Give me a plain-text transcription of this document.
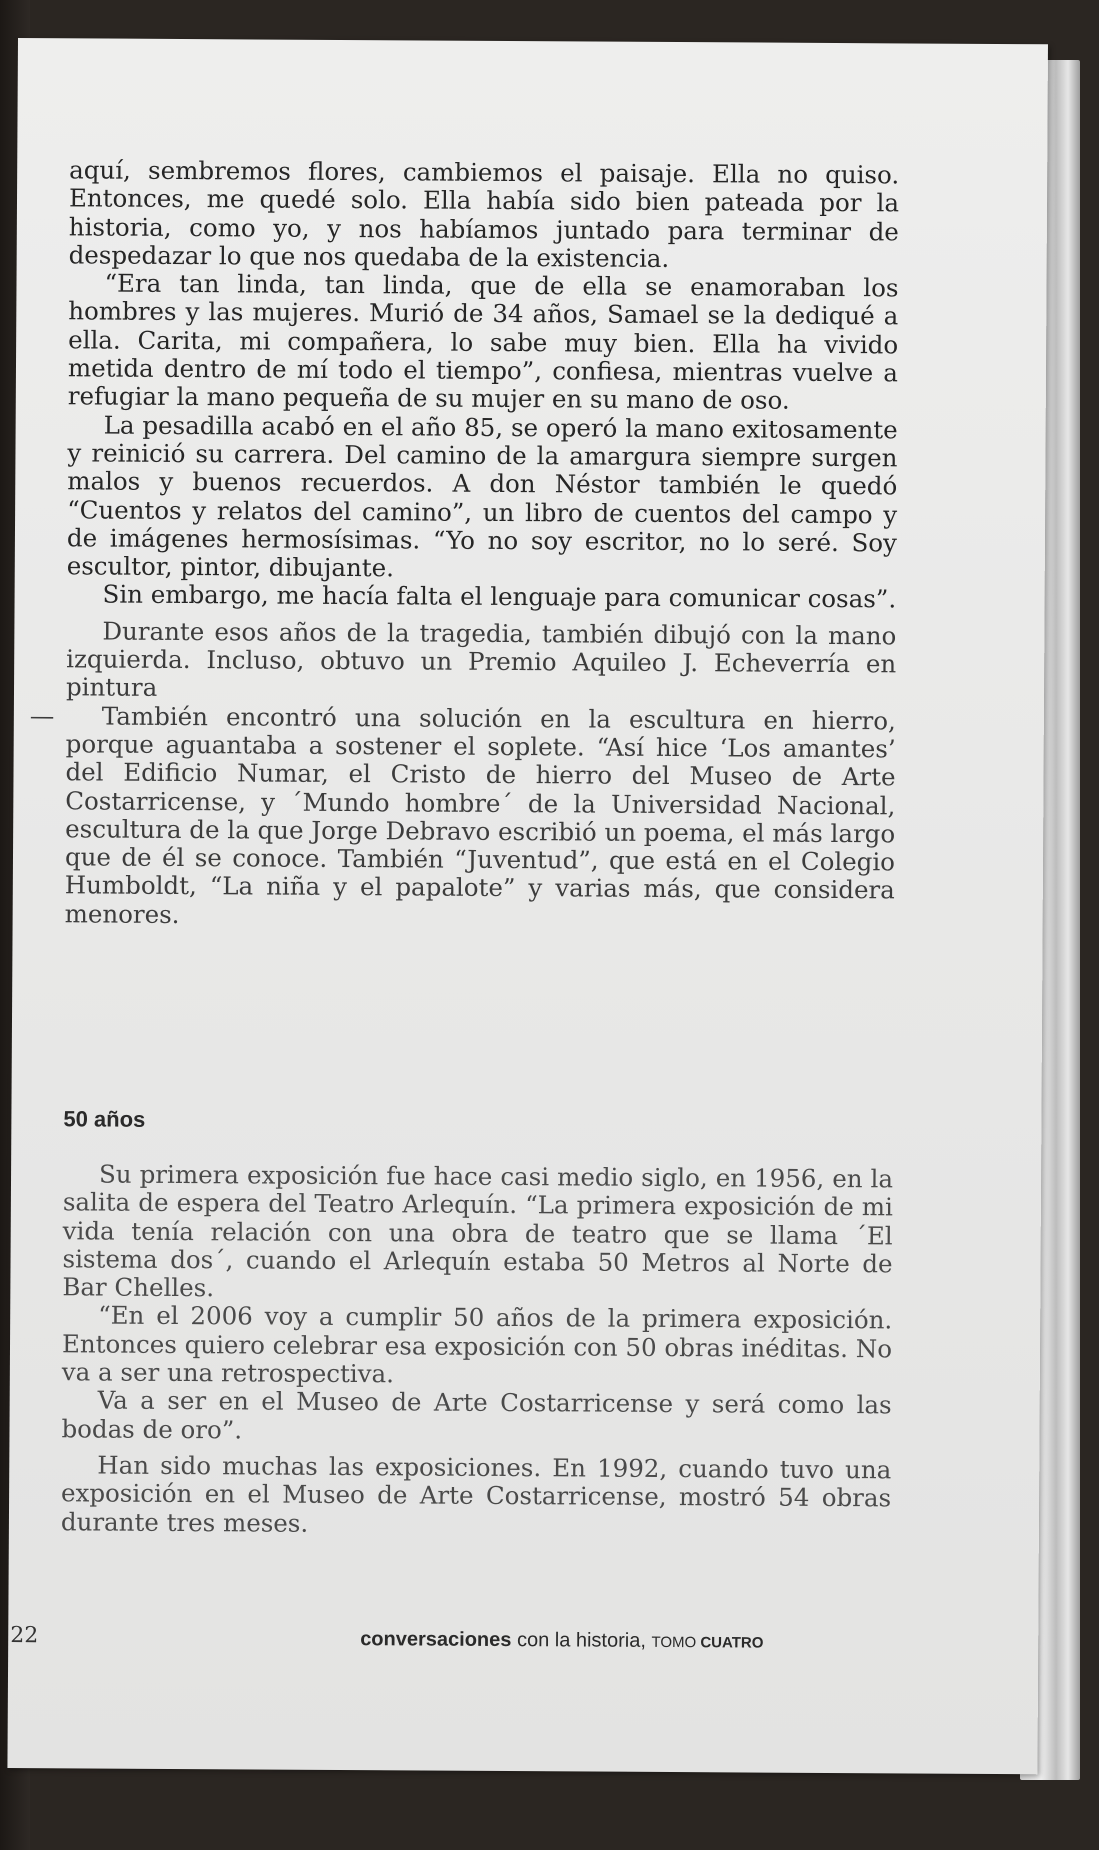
aquí, sembremos flores, cambiemos el paisaje. Ella no quiso. Entonces, me quedé solo. Ella había sido bien pateada por la historia, como yo, y nos habíamos juntado para terminar de despedazar lo que nos quedaba de la existencia.

“Era tan linda, tan linda, que de ella se enamoraban los hombres y las mujeres. Murió de 34 años, Samael se la dediqué a ella. Carita, mi compañera, lo sabe muy bien. Ella ha vivido metida dentro de mí todo el tiempo”, confiesa, mientras vuelve a refugiar la mano pequeña de su mujer en su mano de oso.

La pesadilla acabó en el año 85, se operó la mano exitosamente y reinició su carrera. Del camino de la amargura siempre surgen malos y buenos recuerdos. A don Néstor también le quedó “Cuentos y relatos del camino”, un libro de cuentos del campo y de imágenes hermosísimas. “Yo no soy escritor, no lo seré. Soy escultor, pintor, dibujante.

Sin embargo, me hacía falta el lenguaje para comunicar cosas”.

Durante esos años de la tragedia, también dibujó con la mano izquierda. Incluso, obtuvo un Premio Aquileo J. Echeverría en pintura

—	También encontró una solución en la escultura en hierro, porque aguantaba a sostener el soplete. “Así hice ‘Los amantes’ del Edificio Numar, el Cristo de hierro del Museo de Arte Costarricense, y ´Mundo hombre´ de la Universidad Nacional, escultura de la que Jorge Debravo escribió un poema, el más largo que de él se conoce. También “Juventud”, que está en el Colegio Humboldt, “La niña y el papalote” y varias más, que considera menores.

50 años

Su primera exposición fue hace casi medio siglo, en 1956, en la salita de espera del Teatro Arlequín. “La primera exposición de mi vida tenía relación con una obra de teatro que se llama ´El sistema dos´, cuando el Arlequín estaba 50 Metros al Norte de Bar Chelles.

“En el 2006 voy a cumplir 50 años de la primera exposición. Entonces quiero celebrar esa exposición con 50 obras inéditas. No va a ser una retrospectiva.

Va a ser en el Museo de Arte Costarricense y será como las bodas de oro”.

Han sido muchas las exposiciones. En 1992, cuando tuvo una exposición en el Museo de Arte Costarricense, mostró 54 obras durante tres meses.

22	conversaciones con la historia, TOMO CUATRO
